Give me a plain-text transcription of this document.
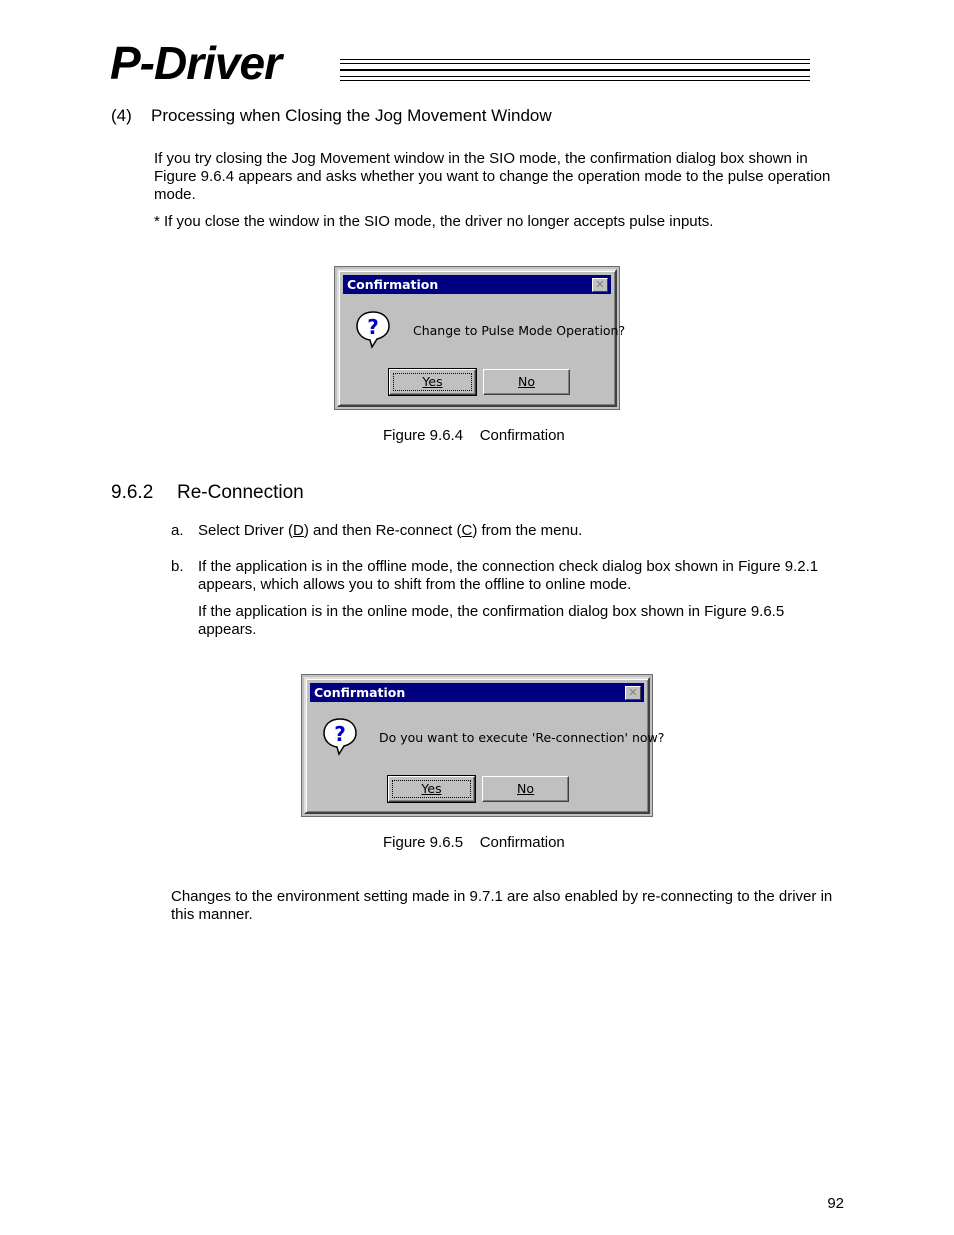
P-Driver
(4) Processing when Closing the Jog Movement Window
If you try closing the Jog Movement window in the SIO mode, the confirmation dialog box shown in Figure 9.6.4 appears and asks whether you want to change the operation mode to the pulse operation mode.
* If you close the window in the SIO mode, the driver no longer accepts pulse inputs.
Confirmation	✕
?	Change to Pulse Mode Operation?
Yes	No
Figure 9.6.4    Confirmation
9.6.2 Re-Connection
a. Select Driver (D) and then Re-connect (C) from the menu.
b. If the application is in the offline mode, the connection check dialog box shown in Figure 9.2.1 appears, which allows you to shift from the offline to online mode.
If the application is in the online mode, the confirmation dialog box shown in Figure 9.6.5 appears.
Confirmation	✕
?	Do you want to execute 'Re-connection' now?
Yes	No
Figure 9.6.5    Confirmation
Changes to the environment setting made in 9.7.1 are also enabled by re-connecting to the driver in this manner.
92
